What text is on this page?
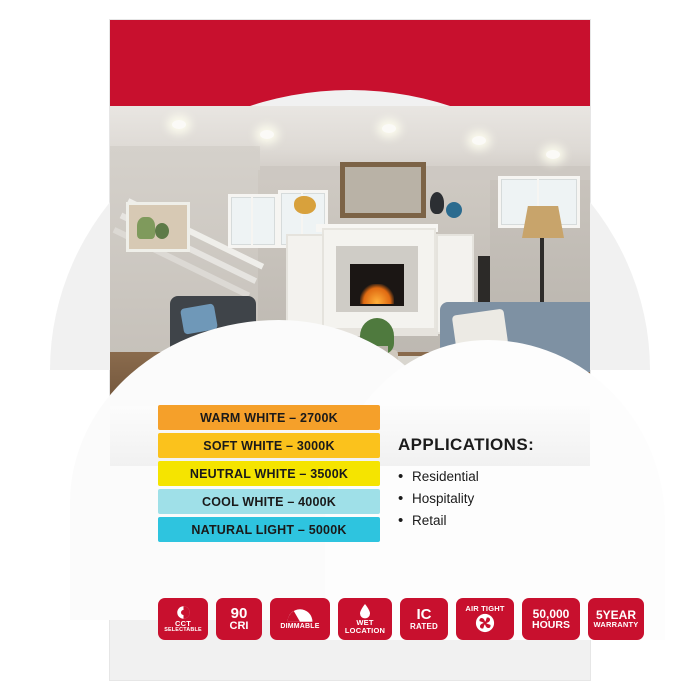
WARM WHITE – 2700K
SOFT WHITE – 3000K
NEUTRAL WHITE – 3500K
COOL WHITE – 4000K
NATURAL LIGHT – 5000K
APPLICATIONS:
• Residential
• Hospitality
• Retail
CCT
SELECTABLE
90
CRI	DIMMABLE	WET
LOCATION
IC
RATED
AIR TIGHT 50,000
HOURS
5YEAR
WARRANTY
